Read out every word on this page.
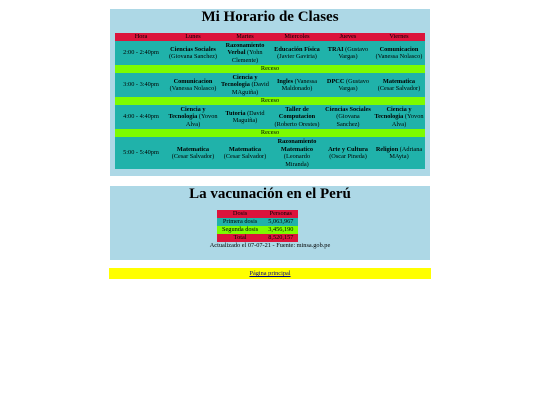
Mi Horario de Clases
Hora	Lunes	Martes	Miercoles	Jueves	Viernes
2:00 - 2:40pm	Ciencias Sociales (Giovana Sanchez)	Razonamiento Verbal (Yohn Clemente)	Educación Física (Javier Gaviria)	TRAI (Gustavo Vargas)	Comunicacion (Vanessa Nolasco)
Receso					
3:00 - 3:40pm	Comunicacion (Vanessa Nolasco)	Ciencia y Tecnologia (David MAguiña)	Ingles (Vanessa Maldonado)	DPCC (Gustavo Vargas)	Matematica (Cesar Salvador)
Receso					
4:00 - 4:40pm	Ciencia y Tecnologia (Yovon Alva)	Tutoria (David Maguiña)	Taller de Computacion (Roberto Orestes)	Ciencias Sociales (Giovana Sanchez)	Ciencia y Tecnologia (Yovon Alva)
Receso					
5:00 - 5:40pm	Matematica (Cesar Salvador)	Matematica (Cesar Salvador)	Razonamiento Matematico (Leonardo Miranda)	Arte y Cultura (Oscar Pineda)	Religion (Adriana MAyta)
La vacunación en el Perú
Dosis	Personas
Primera dosis	5,063,967
Segunda dosis	3,456,190
Total	8,520,157
Actualizado el 07-07-21 - Fuente: minsa.gob.pe
Página principal
